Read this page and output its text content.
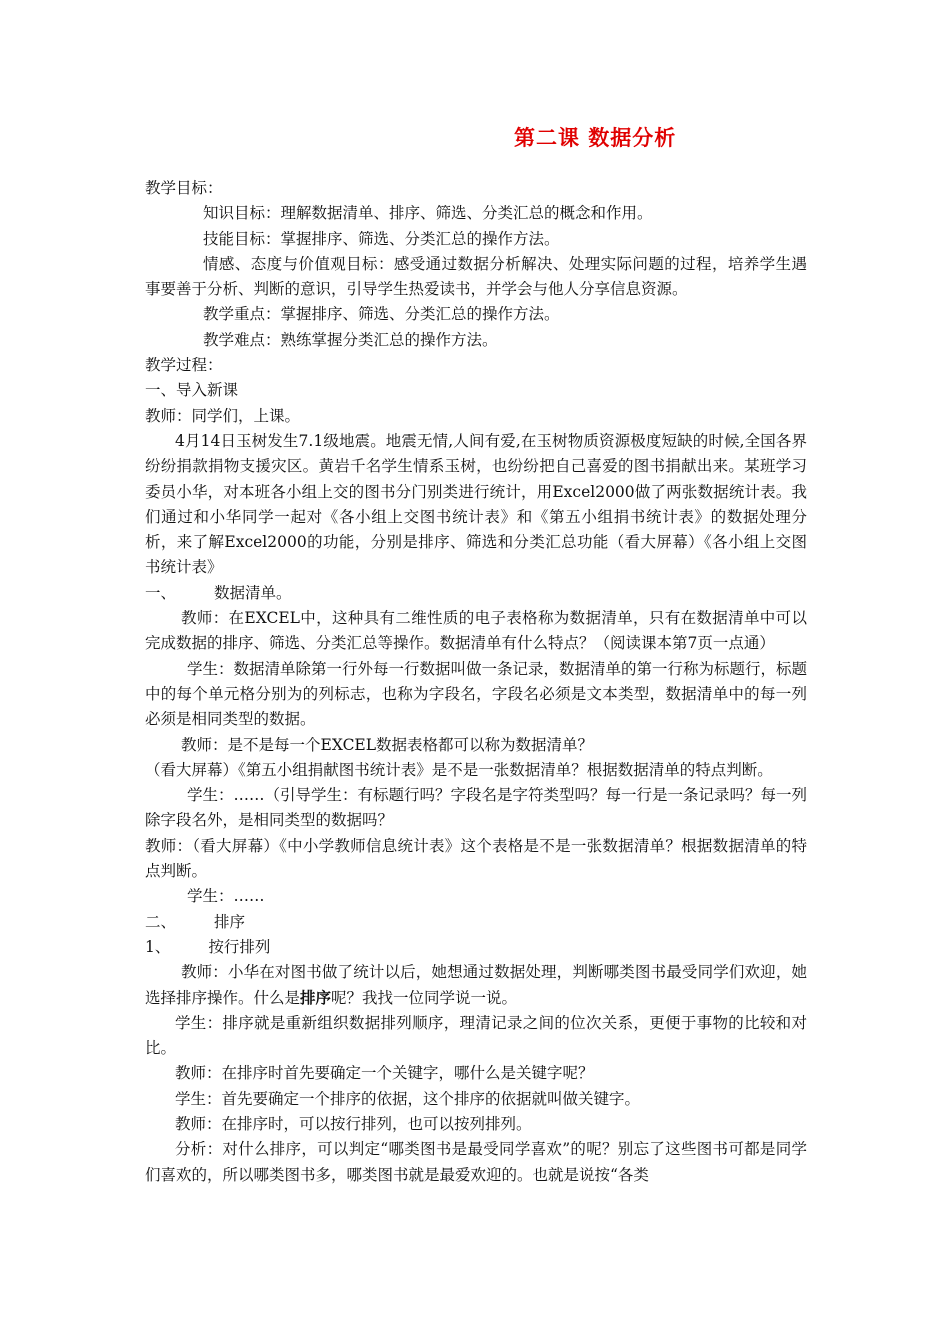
第二课 数据分析

教学目标：

知识目标：理解数据清单、排序、筛选、分类汇总的概念和作用。

技能目标：掌握排序、筛选、分类汇总的操作方法。

情感、态度与价值观目标：感受通过数据分析解决、处理实际问题的过程，培养学生遇事要善于分析、判断的意识，引导学生热爱读书，并学会与他人分享信息资源。

教学重点：掌握排序、筛选、分类汇总的操作方法。

教学难点：熟练掌握分类汇总的操作方法。

教学过程：

一、导入新课

教师：同学们，上课。

4月14日玉树发生7.1级地震。地震无情,人间有爱,在玉树物质资源极度短缺的时候,全国各界纷纷捐款捐物支援灾区。黄岩千名学生情系玉树，也纷纷把自己喜爱的图书捐献出来。某班学习委员小华，对本班各小组上交的图书分门别类进行统计，用Excel2000做了两张数据统计表。我们通过和小华同学一起对《各小组上交图书统计表》和《第五小组捐书统计表》的数据处理分析，来了解Excel2000的功能，分别是排序、筛选和分类汇总功能（看大屏幕）《各小组上交图书统计表》

一、 数据清单。

教师：在EXCEL中，这种具有二维性质的电子表格称为数据清单，只有在数据清单中可以完成数据的排序、筛选、分类汇总等操作。数据清单有什么特点？（阅读课本第7页一点通）

学生：数据清单除第一行外每一行数据叫做一条记录，数据清单的第一行称为标题行，标题中的每个单元格分别为的列标志，也称为字段名，字段名必须是文本类型，数据清单中的每一列必须是相同类型的数据。

教师：是不是每一个EXCEL数据表格都可以称为数据清单？

（看大屏幕）《第五小组捐献图书统计表》是不是一张数据清单？根据数据清单的特点判断。

学生：……（引导学生：有标题行吗？字段名是字符类型吗？每一行是一条记录吗？每一列除字段名外，是相同类型的数据吗？

教师：（看大屏幕）《中小学教师信息统计表》这个表格是不是一张数据清单？根据数据清单的特点判断。

学生：……

二、 排序

1、 按行排列

教师：小华在对图书做了统计以后，她想通过数据处理，判断哪类图书最受同学们欢迎，她选择排序操作。什么是排序呢？我找一位同学说一说。

学生：排序就是重新组织数据排列顺序，理清记录之间的位次关系，更便于事物的比较和对比。

教师：在排序时首先要确定一个关键字，哪什么是关键字呢？

学生：首先要确定一个排序的依据，这个排序的依据就叫做关键字。

教师：在排序时，可以按行排列，也可以按列排列。

分析：对什么排序，可以判定“哪类图书是最受同学喜欢”的呢？别忘了这些图书可都是同学们喜欢的，所以哪类图书多，哪类图书就是最爱欢迎的。也就是说按“各类
